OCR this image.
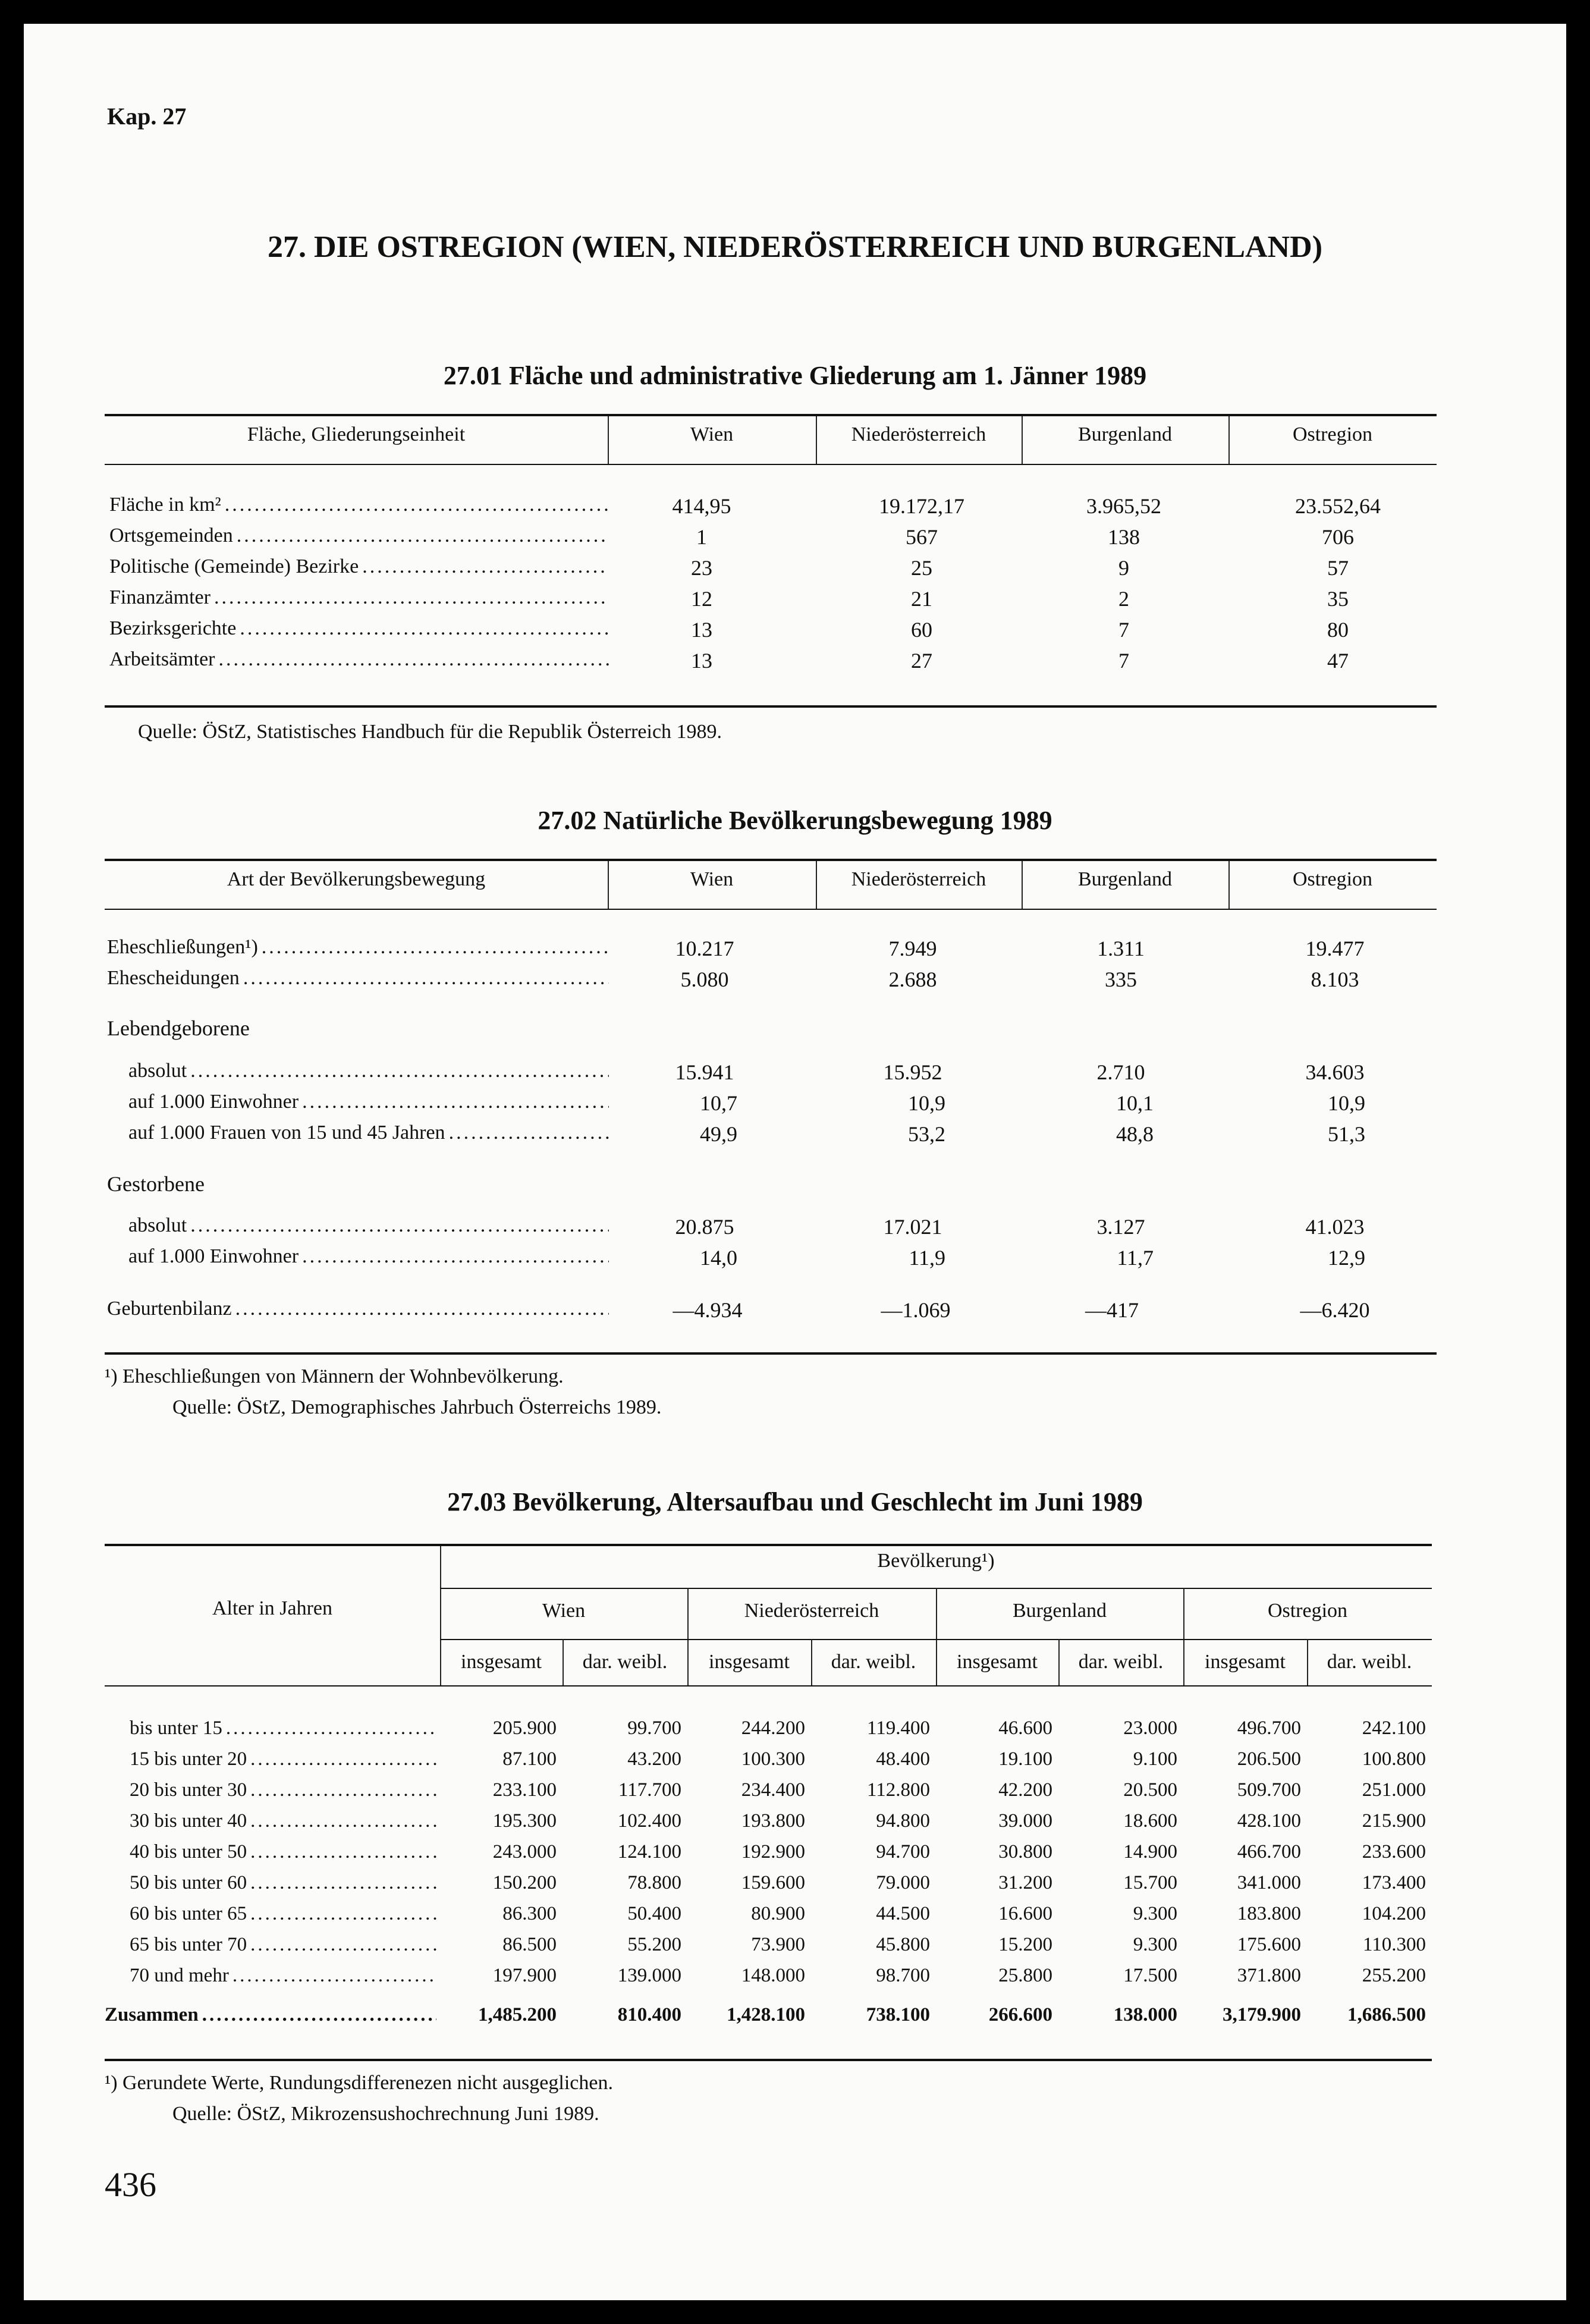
Kap. 27
27. DIE OSTREGION (WIEN, NIEDERÖSTERREICH UND BURGENLAND)
27.01 Fläche und administrative Gliederung am 1. Jänner 1989
Fläche, Gliederungseinheit	Wien	Niederösterreich	Burgenland	Ostregion
Fläche in km² .....	414,95	19.172,17	3.965,52	23.552,64
Ortsgemeinden .....	1	567	138	706
Politische (Gemeinde) Bezirke .....	23	25	9	57
Finanzämter .....	12	21	2	35
Bezirksgerichte .....	13	60	7	80
Arbeitsämter .....	13	27	7	47
Quelle: ÖStZ, Statistisches Handbuch für die Republik Österreich 1989.
27.02 Natürliche Bevölkerungsbewegung 1989
Art der Bevölkerungsbewegung	Wien	Niederösterreich	Burgenland	Ostregion
Eheschließungen¹) .....	10.217	7.949	1.311	19.477
Ehescheidungen .....	5.080	2.688	335	8.103
Lebendgeborene
absolut .....	15.941	15.952	2.710	34.603
auf 1.000 Einwohner .....	10,7	10,9	10,1	10,9
auf 1.000 Frauen von 15 und 45 Jahren .....	49,9	53,2	48,8	51,3
Gestorbene
absolut .....	20.875	17.021	3.127	41.023
auf 1.000 Einwohner .....	14,0	11,9	11,7	12,9
Geburtenbilanz .....	—4.934	—1.069	—417	—6.420
¹) Eheschließungen von Männern der Wohnbevölkerung.
Quelle: ÖStZ, Demographisches Jahrbuch Österreichs 1989.
27.03 Bevölkerung, Altersaufbau und Geschlecht im Juni 1989
Alter in Jahren
Bevölkerung¹)
Wien	Niederösterreich	Burgenland	Ostregion
insgesamt	dar. weibl.	insgesamt	dar. weibl.	insgesamt	dar. weibl.	insgesamt	dar. weibl.
bis unter 15 .....	205.900	99.700	244.200	119.400	46.600	23.000	496.700	242.100
15 bis unter 20 .....	87.100	43.200	100.300	48.400	19.100	9.100	206.500	100.800
20 bis unter 30 .....	233.100	117.700	234.400	112.800	42.200	20.500	509.700	251.000
30 bis unter 40 .....	195.300	102.400	193.800	94.800	39.000	18.600	428.100	215.900
40 bis unter 50 .....	243.000	124.100	192.900	94.700	30.800	14.900	466.700	233.600
50 bis unter 60 .....	150.200	78.800	159.600	79.000	31.200	15.700	341.000	173.400
60 bis unter 65 .....	86.300	50.400	80.900	44.500	16.600	9.300	183.800	104.200
65 bis unter 70 .....	86.500	55.200	73.900	45.800	15.200	9.300	175.600	110.300
70 und mehr .....	197.900	139.000	148.000	98.700	25.800	17.500	371.800	255.200
Zusammen .....	1,485.200	810.400	1,428.100	738.100	266.600	138.000	3,179.900	1,686.500
¹) Gerundete Werte, Rundungsdifferenezen nicht ausgeglichen.
Quelle: ÖStZ, Mikrozensushochrechnung Juni 1989.
436
